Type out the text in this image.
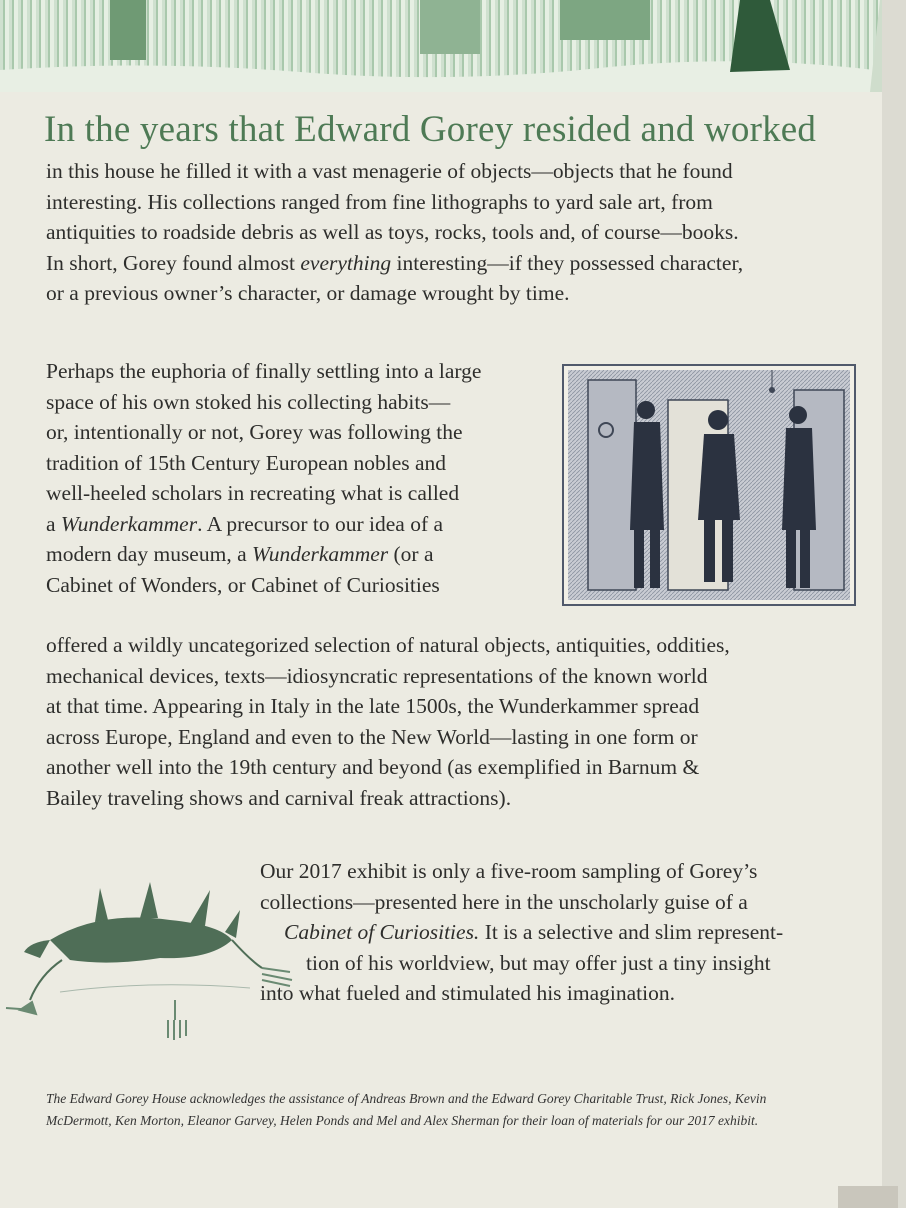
In the years that Edward Gorey resided and worked

in this house he filled it with a vast menagerie of objects—objects that he found
interesting. His collections ranged from fine lithographs to yard sale art, from
antiquities to roadside debris as well as toys, rocks, tools and, of course—books.
In short, Gorey found almost everything interesting—if they possessed character,
or a previous owner’s character, or damage wrought by time.

Perhaps the euphoria of finally settling into a large
space of his own stoked his collecting habits—
or, intentionally or not, Gorey was following the
tradition of 15th Century European nobles and
well-heeled scholars in recreating what is called
a Wunderkammer. A precursor to our idea of a
modern day museum, a Wunderkammer (or a
Cabinet of Wonders, or Cabinet of Curiosities

offered a wildly uncategorized selection of natural objects, antiquities, oddities,
mechanical devices, texts—idiosyncratic representations of the known world
at that time. Appearing in Italy in the late 1500s, the Wunderkammer spread
across Europe, England and even to the New World—lasting in one form or
another well into the 19th century and beyond (as exemplified in Barnum &
Bailey traveling shows and carnival freak attractions).

Our 2017 exhibit is only a five-room sampling of Gorey’s
collections—presented here in the unscholarly guise of a
Cabinet of Curiosities. It is a selective and slim represent-
tion of his worldview, but may offer just a tiny insight
into what fueled and stimulated his imagination.

The Edward Gorey House acknowledges the assistance of Andreas Brown and the Edward Gorey Charitable Trust, Rick Jones, Kevin
McDermott, Ken Morton, Eleanor Garvey, Helen Ponds and Mel and Alex Sherman for their loan of materials for our 2017 exhibit.
